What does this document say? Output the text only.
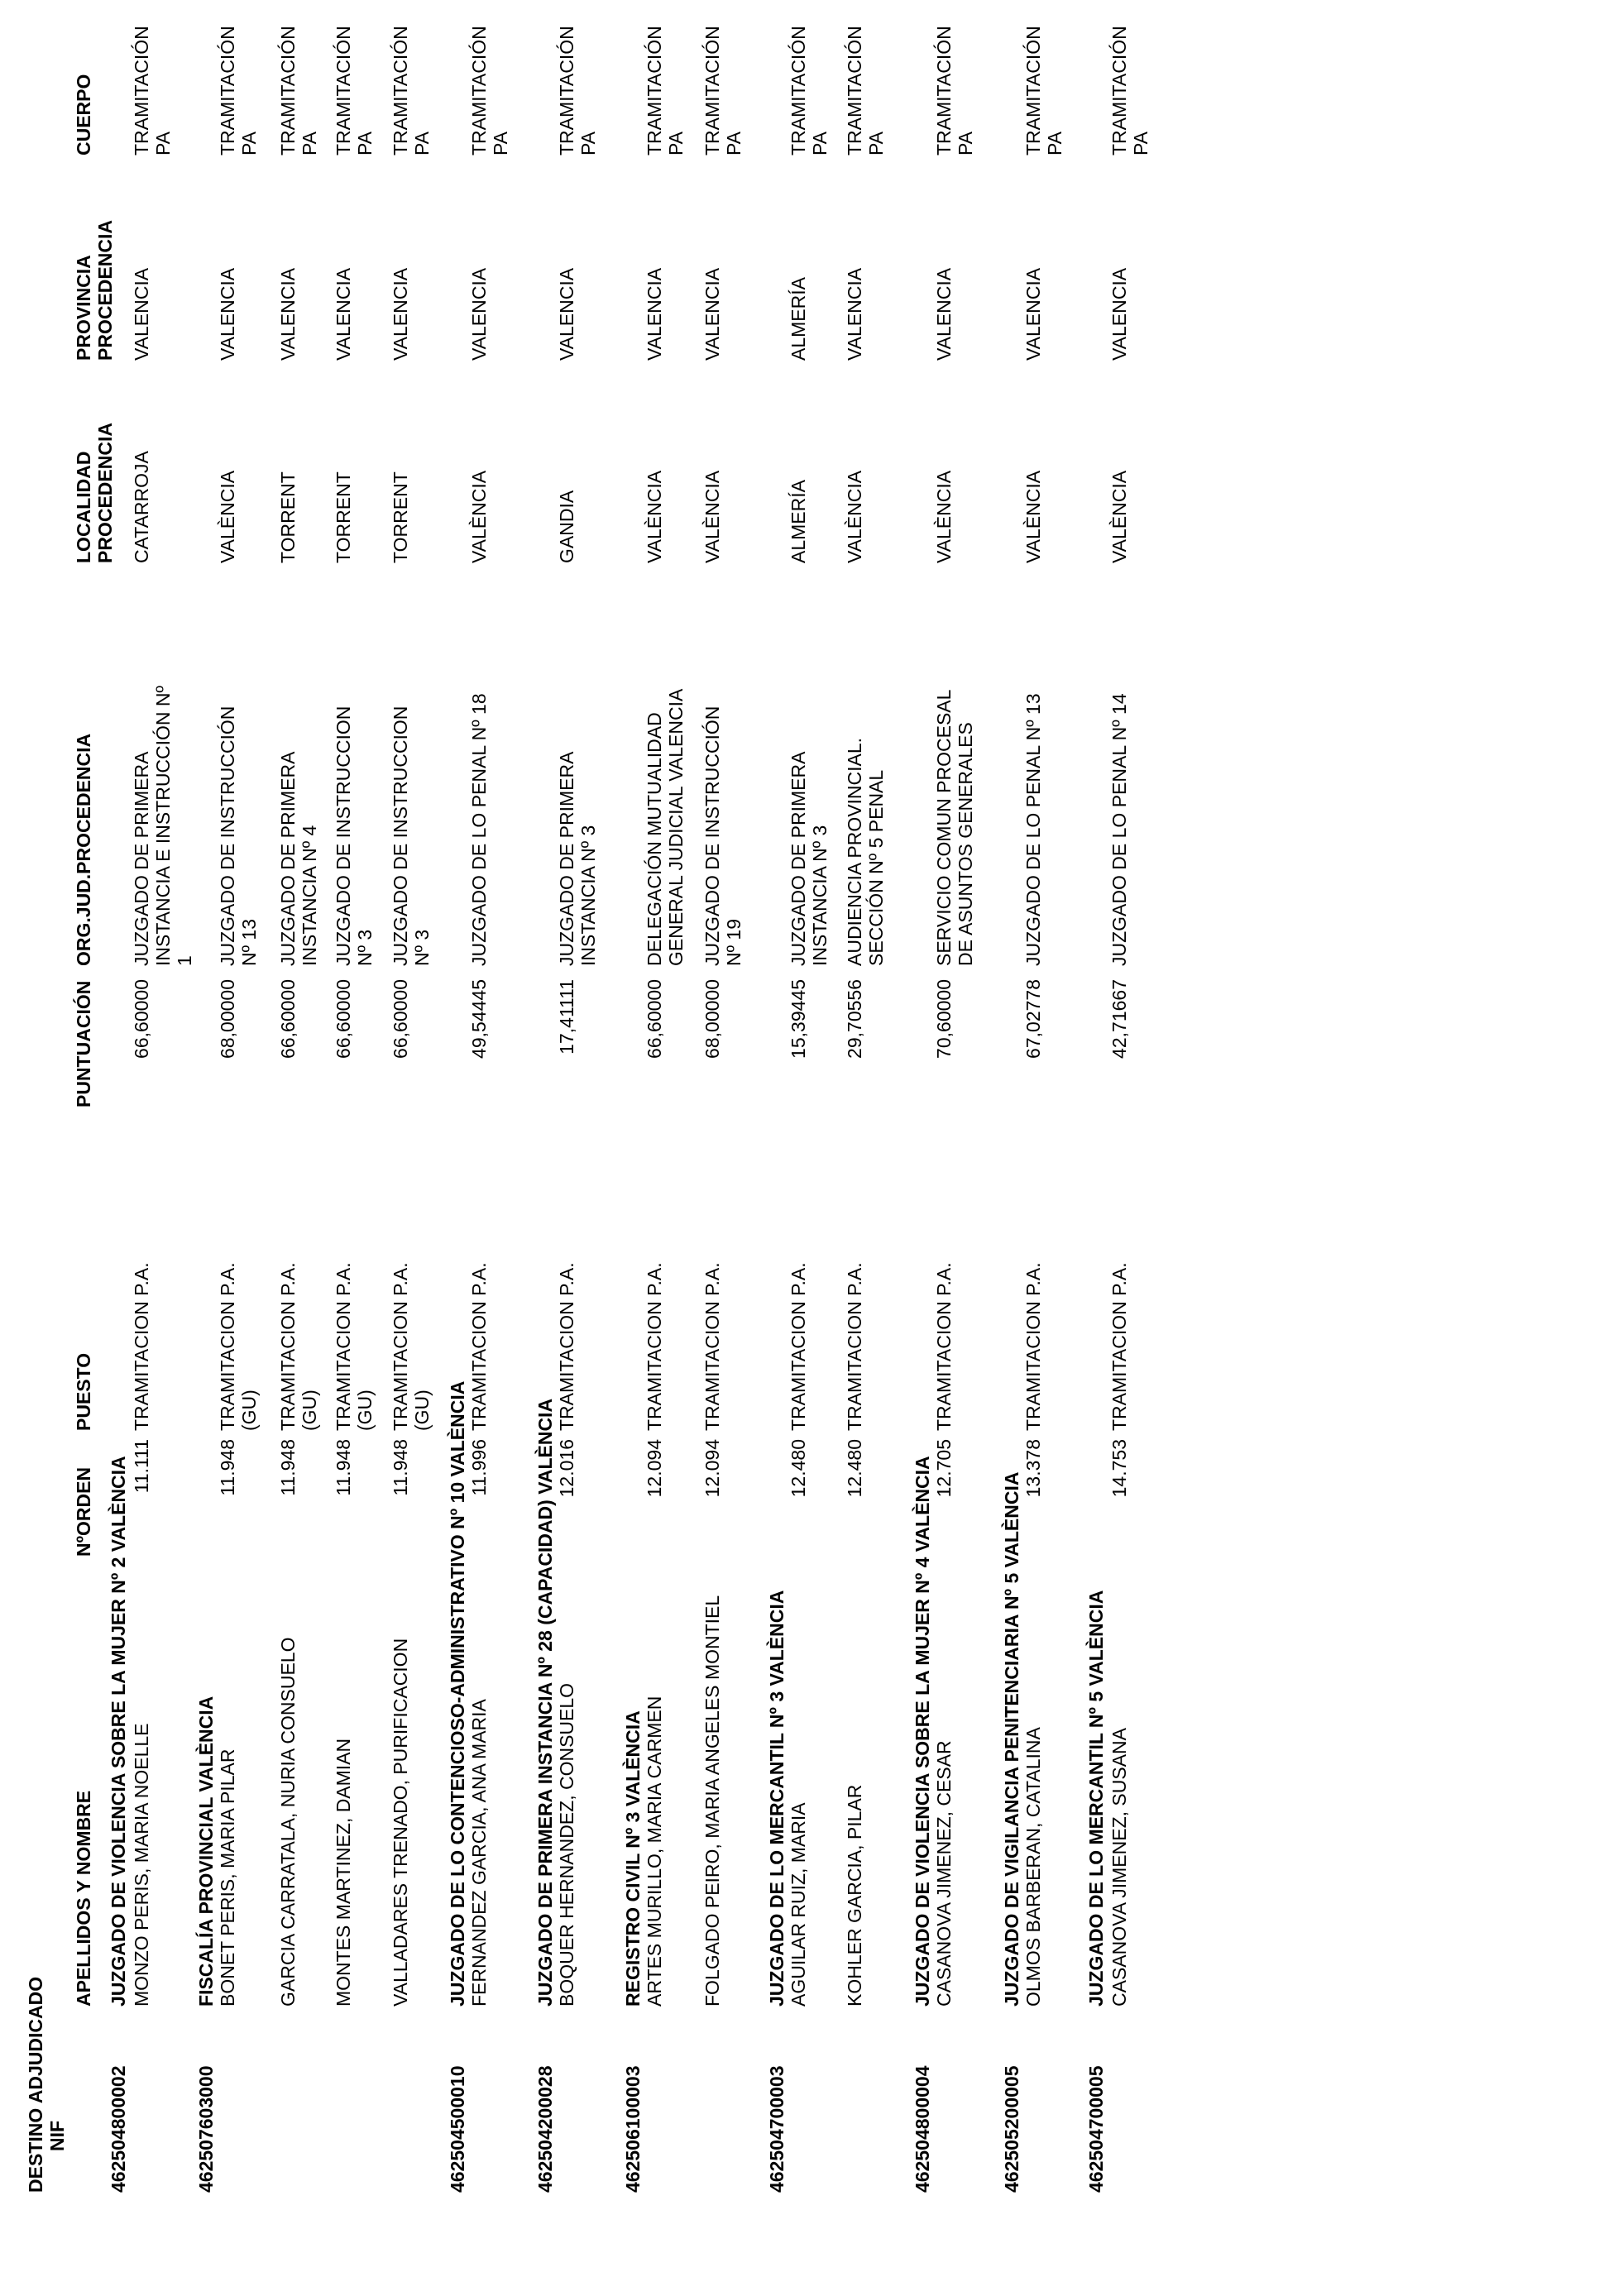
DESTINO ADJUDICADO NIF
APELLIDOS Y NOMBRE
NºORDEN
PUESTO
PUNTUACIÓN
ORG.JUD.PROCEDENCIA
LOCALIDAD PROCEDENCIA
PROVINCIA PROCEDENCIA
CUERPO
462504800002
JUZGADO DE VIOLENCIA SOBRE LA MUJER Nº 2 VALÈNCIA MONZO PERIS, MARIA NOELLE
11.111
TRAMITACION P.A.
66,60000
JUZGADO DE PRIMERA INSTANCIA E INSTRUCCIÓN Nº 1
CATARROJA
VALENCIA
TRAMITACIÓN PA
462507603000
FISCALÍA PROVINCIAL VALÈNCIA BONET PERIS, MARIA PILAR
11.948
TRAMITACION P.A. (GU)
68,00000
JUZGADO DE INSTRUCCIÓN Nº 13
VALÈNCIA
VALENCIA
TRAMITACIÓN PA
GARCIA CARRATALA, NURIA CONSUELO
11.948
TRAMITACION P.A. (GU)
66,60000
JUZGADO DE PRIMERA INSTANCIA Nº 4
TORRENT
VALENCIA
TRAMITACIÓN PA
MONTES MARTINEZ, DAMIAN
11.948
TRAMITACION P.A. (GU)
66,60000
JUZGADO DE INSTRUCCION Nº 3
TORRENT
VALENCIA
TRAMITACIÓN PA
VALLADARES TRENADO, PURIFICACION
11.948
TRAMITACION P.A. (GU)
66,60000
JUZGADO DE INSTRUCCION Nº 3
TORRENT
VALENCIA
TRAMITACIÓN PA
462504500010
JUZGADO DE LO CONTENCIOSO-ADMINISTRATIVO Nº 10 VALÈNCIA FERNANDEZ GARCIA, ANA MARIA
11.996
TRAMITACION P.A.
49,54445
JUZGADO DE LO PENAL Nº 18
VALÈNCIA
VALENCIA
TRAMITACIÓN PA
462504200028
JUZGADO DE PRIMERA INSTANCIA Nº 28 (CAPACIDAD) VALÈNCIA BOQUER HERNANDEZ, CONSUELO
12.016
TRAMITACION P.A.
17,41111
JUZGADO DE PRIMERA INSTANCIA Nº 3
GANDIA
VALENCIA
TRAMITACIÓN PA
462506100003
REGISTRO CIVIL Nº 3 VALÈNCIA ARTES MURILLO, MARIA CARMEN
12.094
TRAMITACION P.A.
66,60000
DELEGACIÓN MUTUALIDAD GENERAL JUDICIAL VALENCIA
VALÈNCIA
VALENCIA
TRAMITACIÓN PA
FOLGADO PEIRO, MARIA ANGELES MONTIEL
12.094
TRAMITACION P.A.
68,00000
JUZGADO DE INSTRUCCIÓN Nº 19
VALÈNCIA
VALENCIA
TRAMITACIÓN PA
462504700003
JUZGADO DE LO MERCANTIL Nº 3 VALÈNCIA AGUILAR RUIZ, MARIA
12.480
TRAMITACION P.A.
15,39445
JUZGADO DE PRIMERA INSTANCIA Nº 3
ALMERÍA
ALMERÍA
TRAMITACIÓN PA
KOHLER GARCIA, PILAR
12.480
TRAMITACION P.A.
29,70556
AUDIENCIA PROVINCIAL. SECCIÓN Nº 5 PENAL
VALÈNCIA
VALENCIA
TRAMITACIÓN PA
462504800004
JUZGADO DE VIOLENCIA SOBRE LA MUJER Nº 4 VALÈNCIA CASANOVA JIMENEZ, CESAR
12.705
TRAMITACION P.A.
70,60000
SERVICIO COMUN PROCESAL DE ASUNTOS GENERALES
VALÈNCIA
VALENCIA
TRAMITACIÓN PA
462505200005
JUZGADO DE VIGILANCIA PENITENCIARIA Nº 5 VALÈNCIA OLMOS BARBERAN, CATALINA
13.378
TRAMITACION P.A.
67,02778
JUZGADO DE LO PENAL Nº 13
VALÈNCIA
VALENCIA
TRAMITACIÓN PA
462504700005
JUZGADO DE LO MERCANTIL Nº 5 VALÈNCIA CASANOVA JIMENEZ, SUSANA
14.753
TRAMITACION P.A.
42,71667
JUZGADO DE LO PENAL Nº 14
VALÈNCIA
VALENCIA
TRAMITACIÓN PA
